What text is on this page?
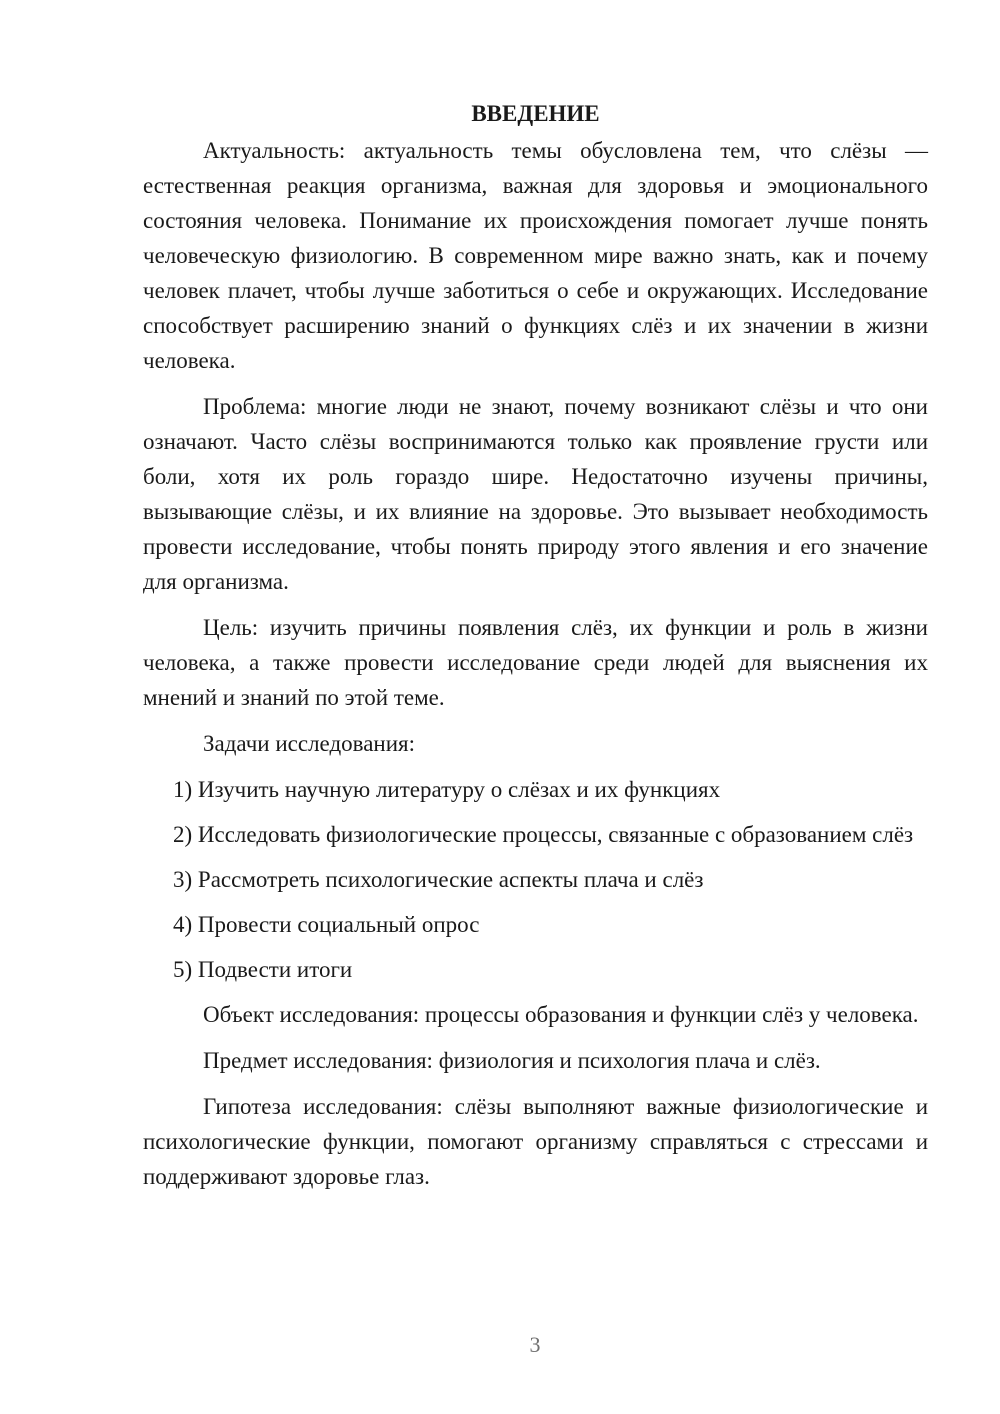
ВВЕДЕНИЕ

Актуальность: актуальность темы обусловлена тем, что слёзы — естественная реакция организма, важная для здоровья и эмоционального состояния человека. Понимание их происхождения помогает лучше понять человеческую физиологию. В современном мире важно знать, как и почему человек плачет, чтобы лучше заботиться о себе и окружающих. Исследование способствует расширению знаний о функциях слёз и их значении в жизни человека.

Проблема: многие люди не знают, почему возникают слёзы и что они означают. Часто слёзы воспринимаются только как проявление грусти или боли, хотя их роль гораздо шире. Недостаточно изучены причины, вызывающие слёзы, и их влияние на здоровье. Это вызывает необходимость провести исследование, чтобы понять природу этого явления и его значение для организма.

Цель: изучить причины появления слёз, их функции и роль в жизни человека, а также провести исследование среди людей для выяснения их мнений и знаний по этой теме.

Задачи исследования:

1) Изучить научную литературу о слёзах и их функциях

2) Исследовать физиологические процессы, связанные с образованием слёз

3) Рассмотреть психологические аспекты плача и слёз

4) Провести социальный опрос

5) Подвести итоги

Объект исследования: процессы образования и функции слёз у человека.

Предмет исследования: физиология и психология плача и слёз.

Гипотеза исследования: слёзы выполняют важные физиологические и психологические функции, помогают организму справляться с стрессами и поддерживают здоровье глаз.

3
